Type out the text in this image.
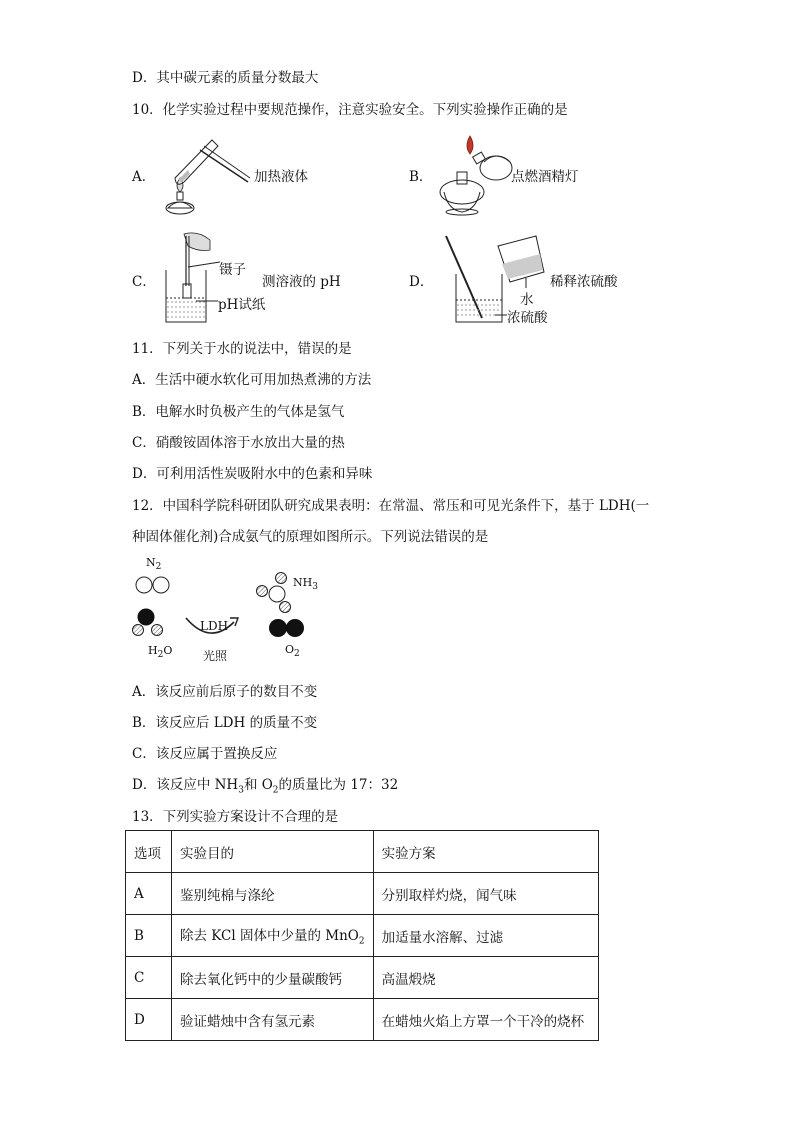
D．其中碳元素的质量分数最大
10．化学实验过程中要规范操作，注意实验安全。下列实验操作正确的是
A．	加热液体	B．	点燃酒精灯
C．
镊子
pH试纸
测溶液的 pH	D．
水
浓硫酸
稀释浓硫酸
11．下列关于水的说法中，错误的是
A．生活中硬水软化可用加热煮沸的方法
B．电解水时负极产生的气体是氢气
C．硝酸铵固体溶于水放出大量的热
D．可利用活性炭吸附水中的色素和异味
12．中国科学院科研团队研究成果表明：在常温、常压和可见光条件下，基于 LDH(一
种固体催化剂)合成氨气的原理如图所示。下列说法错误的是
$N_2$
$H_2O$
LDH
光照
$NH_3$
$O_2$
A．该反应前后原子的数目不变
B．该反应后 LDH 的质量不变
C．该反应属于置换反应
D．该反应中 $NH_3$和 $O_2$的质量比为 17：32
13．下列实验方案设计不合理的是
选项	实验目的	实验方案
A	鉴别纯棉与涤纶	分别取样灼烧，闻气味
B	除去 KCl 固体中少量的 MnO$_2$	加适量水溶解、过滤
C	除去氧化钙中的少量碳酸钙	高温煅烧
D	验证蜡烛中含有氢元素	在蜡烛火焰上方罩一个干冷的烧杯
